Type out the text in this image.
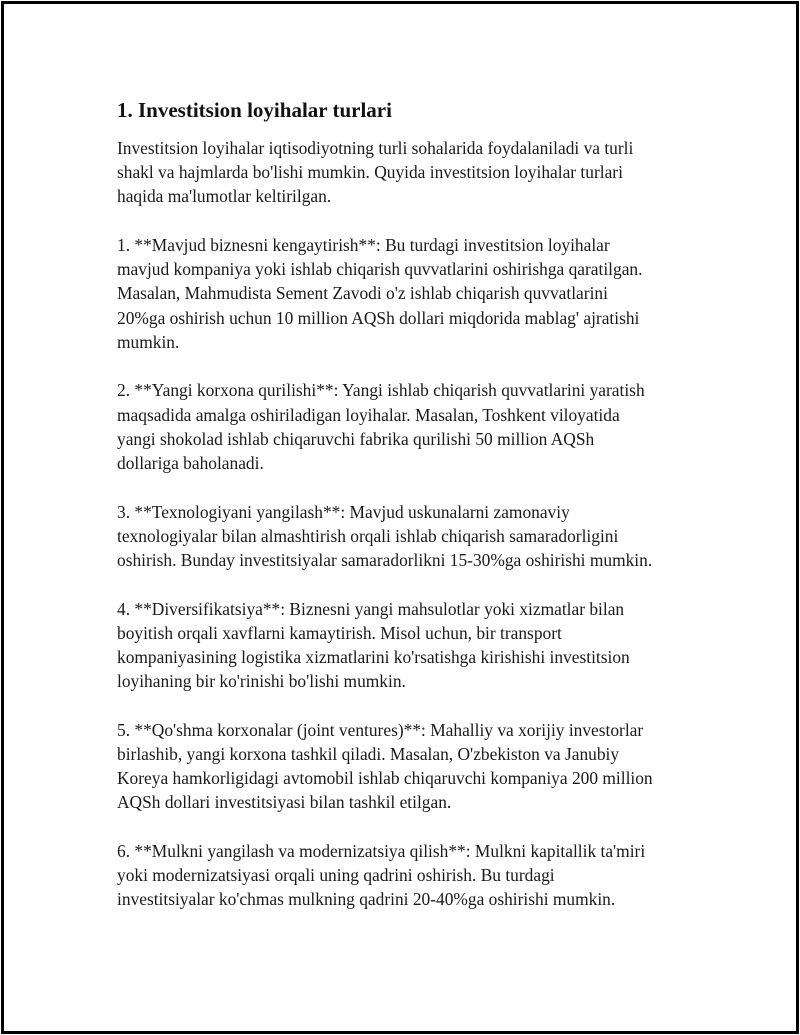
1. Investitsion loyihalar turlari

Investitsion loyihalar iqtisodiyotning turli sohalarida foydalaniladi va turli
shakl va hajmlarda bo'lishi mumkin. Quyida investitsion loyihalar turlari
haqida ma'lumotlar keltirilgan.

1. **Mavjud biznesni kengaytirish**: Bu turdagi investitsion loyihalar
mavjud kompaniya yoki ishlab chiqarish quvvatlarini oshirishga qaratilgan.
Masalan, Mahmudista Sement Zavodi o'z ishlab chiqarish quvvatlarini
20%ga oshirish uchun 10 million AQSh dollari miqdorida mablag' ajratishi
mumkin.

2. **Yangi korxona qurilishi**: Yangi ishlab chiqarish quvvatlarini yaratish
maqsadida amalga oshiriladigan loyihalar. Masalan, Toshkent viloyatida
yangi shokolad ishlab chiqaruvchi fabrika qurilishi 50 million AQSh
dollariga baholanadi.

3. **Texnologiyani yangilash**: Mavjud uskunalarni zamonaviy
texnologiyalar bilan almashtirish orqali ishlab chiqarish samaradorligini
oshirish. Bunday investitsiyalar samaradorlikni 15-30%ga oshirishi mumkin.

4. **Diversifikatsiya**: Biznesni yangi mahsulotlar yoki xizmatlar bilan
boyitish orqali xavflarni kamaytirish. Misol uchun, bir transport
kompaniyasining logistika xizmatlarini ko'rsatishga kirishishi investitsion
loyihaning bir ko'rinishi bo'lishi mumkin.

5. **Qo'shma korxonalar (joint ventures)**: Mahalliy va xorijiy investorlar
birlashib, yangi korxona tashkil qiladi. Masalan, O'zbekiston va Janubiy
Koreya hamkorligidagi avtomobil ishlab chiqaruvchi kompaniya 200 million
AQSh dollari investitsiyasi bilan tashkil etilgan.

6. **Mulkni yangilash va modernizatsiya qilish**: Mulkni kapitallik ta'miri
yoki modernizatsiyasi orqali uning qadrini oshirish. Bu turdagi
investitsiyalar ko'chmas mulkning qadrini 20-40%ga oshirishi mumkin.
